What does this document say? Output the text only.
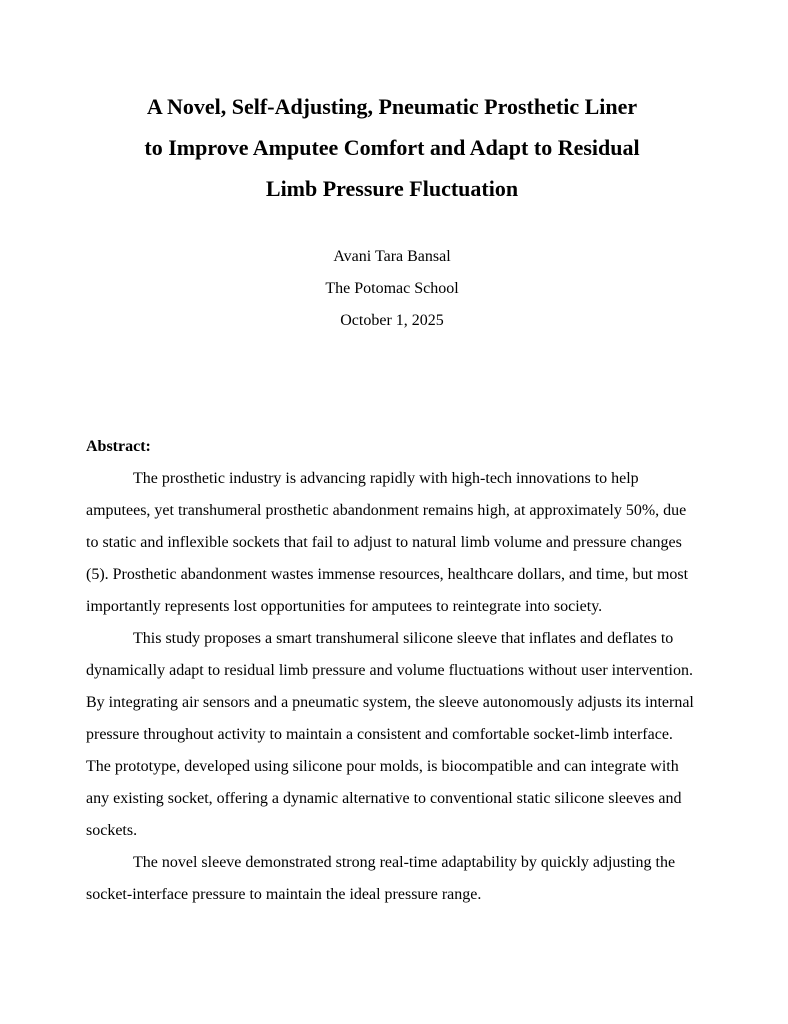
A Novel, Self-Adjusting, Pneumatic Prosthetic Liner
to Improve Amputee Comfort and Adapt to Residual
Limb Pressure Fluctuation
Avani Tara Bansal
The Potomac School
October 1, 2025
Abstract:

The prosthetic industry is advancing rapidly with high-tech innovations to help amputees, yet transhumeral prosthetic abandonment remains high, at approximately 50%, due to static and inflexible sockets that fail to adjust to natural limb volume and pressure changes (5). Prosthetic abandonment wastes immense resources, healthcare dollars, and time, but most importantly represents lost opportunities for amputees to reintegrate into society.

This study proposes a smart transhumeral silicone sleeve that inflates and deflates to dynamically adapt to residual limb pressure and volume fluctuations without user intervention. By integrating air sensors and a pneumatic system, the sleeve autonomously adjusts its internal pressure throughout activity to maintain a consistent and comfortable socket-limb interface. The prototype, developed using silicone pour molds, is biocompatible and can integrate with any existing socket, offering a dynamic alternative to conventional static silicone sleeves and sockets.

The novel sleeve demonstrated strong real-time adaptability by quickly adjusting the socket-interface pressure to maintain the ideal pressure range.
